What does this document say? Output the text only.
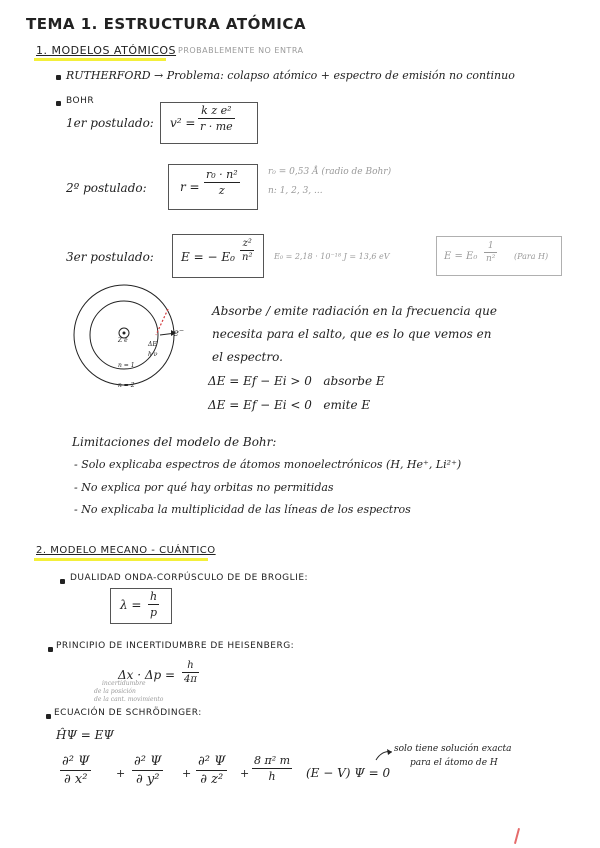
TEMA 1. ESTRUCTURA ATÓMICA
1. MODELOS ATÓMICOS PROBABLEMENTE NO ENTRA
RUTHERFORD → Problema: colapso atómico + espectro de emisión no continuo
BOHR
1er postulado: v² =
k z e²
r · me
2º postulado:	r =
r₀ · n²
z
r₀ = 0,53 Å (radio de Bohr)
n: 1, 2, 3, ...
3er postulado: E = − E₀
z²
n²	E₀ = 2,18 · 10⁻¹⁸ J = 13,6 eV	E = E₀
1
n² (Para H)
Z e
n = 1
n = 2
e⁻
ΔE
h·ν
Absorbe / emite radiación en la frecuencia que
necesita para el salto, que es lo que vemos en
el espectro.
ΔE = Ef − Ei > 0   absorbe E
ΔE = Ef − Ei < 0   emite E
Limitaciones del modelo de Bohr:
- Solo explicaba espectros de átomos monoelectrónicos (H, He⁺, Li²⁺)
- No explica por qué hay orbitas no permitidas
- No explicaba la multiplicidad de las líneas de los espectros
2. MODELO MECANO - CUÁNTICO
DUALIDAD ONDA-CORPÚSCULO DE DE BROGLIE:
λ =
h
p
PRINCIPIO DE INCERTIDUMBRE DE HEISENBERG:
Δx · Δp =
h
4π
incertidumbre
de la posición
de la cant. movimiento
ECUACIÓN DE SCHRÖDINGER:
ĤΨ = EΨ
∂² Ψ
∂ x²	+
∂² Ψ
∂ y² +
∂² Ψ
∂ z² +
8 π² m
h	(E − V) Ψ = 0
solo tiene solución exacta
para el átomo de H
